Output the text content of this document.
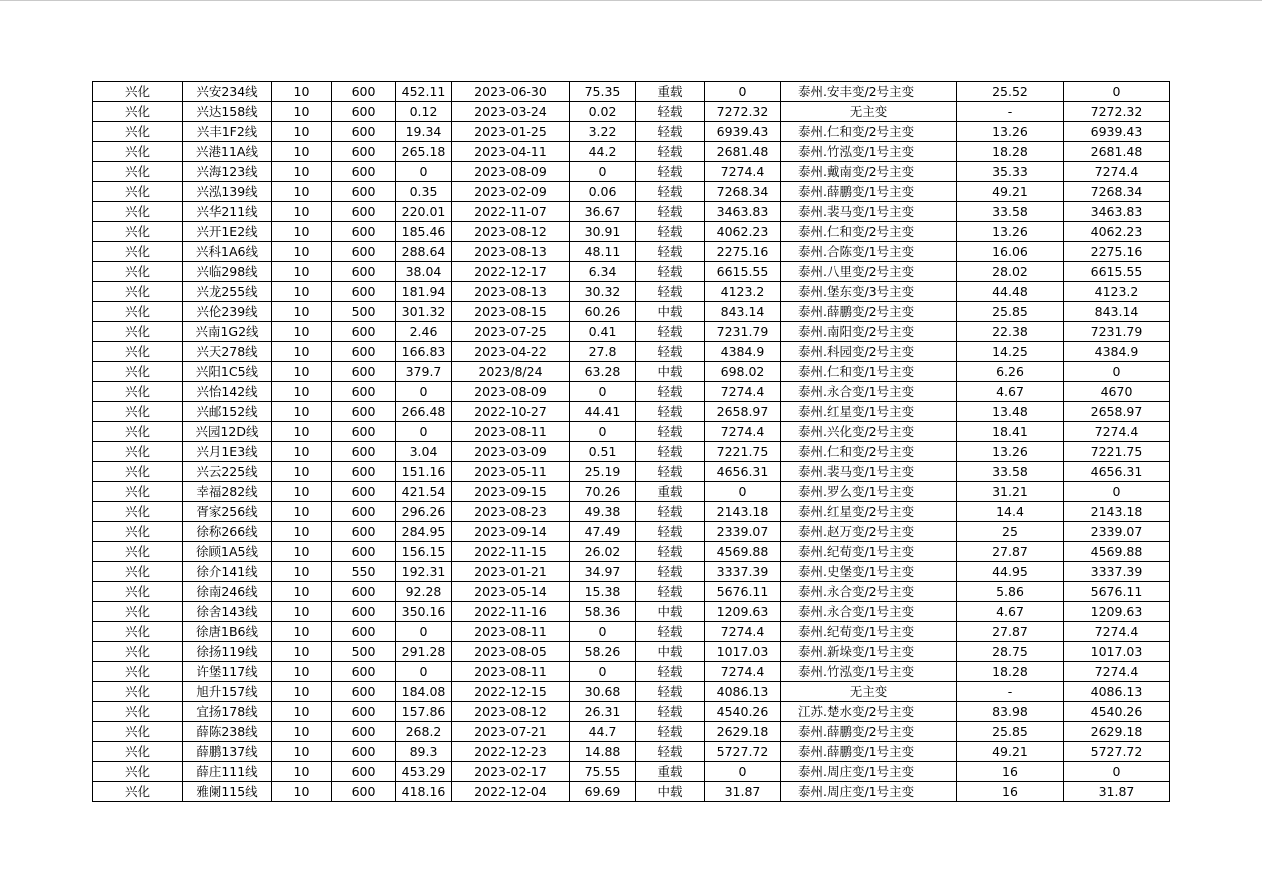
兴化	兴安234线	10	600	452.11	2023-06-30	75.35	重载	0	泰州.安丰变/2号主变	25.52	0
兴化	兴达158线	10	600	0.12	2023-03-24	0.02	轻载	7272.32	无主变	-	7272.32
兴化	兴丰1F2线	10	600	19.34	2023-01-25	3.22	轻载	6939.43	泰州.仁和变/2号主变	13.26	6939.43
兴化	兴港11A线	10	600	265.18	2023-04-11	44.2	轻载	2681.48	泰州.竹泓变/1号主变	18.28	2681.48
兴化	兴海123线	10	600	0	2023-08-09	0	轻载	7274.4	泰州.戴南变/2号主变	35.33	7274.4
兴化	兴泓139线	10	600	0.35	2023-02-09	0.06	轻载	7268.34	泰州.薛鹏变/1号主变	49.21	7268.34
兴化	兴华211线	10	600	220.01	2022-11-07	36.67	轻载	3463.83	泰州.裴马变/1号主变	33.58	3463.83
兴化	兴开1E2线	10	600	185.46	2023-08-12	30.91	轻载	4062.23	泰州.仁和变/2号主变	13.26	4062.23
兴化	兴科1A6线	10	600	288.64	2023-08-13	48.11	轻载	2275.16	泰州.合陈变/1号主变	16.06	2275.16
兴化	兴临298线	10	600	38.04	2022-12-17	6.34	轻载	6615.55	泰州.八里变/2号主变	28.02	6615.55
兴化	兴龙255线	10	600	181.94	2023-08-13	30.32	轻载	4123.2	泰州.堡东变/3号主变	44.48	4123.2
兴化	兴伦239线	10	500	301.32	2023-08-15	60.26	中载	843.14	泰州.薛鹏变/2号主变	25.85	843.14
兴化	兴南1G2线	10	600	2.46	2023-07-25	0.41	轻载	7231.79	泰州.南阳变/2号主变	22.38	7231.79
兴化	兴天278线	10	600	166.83	2023-04-22	27.8	轻载	4384.9	泰州.科园变/2号主变	14.25	4384.9
兴化	兴阳1C5线	10	600	379.7	2023/8/24	63.28	中载	698.02	泰州.仁和变/1号主变	6.26	0
兴化	兴怡142线	10	600	0	2023-08-09	0	轻载	7274.4	泰州.永合变/1号主变	4.67	4670
兴化	兴邮152线	10	600	266.48	2022-10-27	44.41	轻载	2658.97	泰州.红星变/1号主变	13.48	2658.97
兴化	兴园12D线	10	600	0	2023-08-11	0	轻载	7274.4	泰州.兴化变/2号主变	18.41	7274.4
兴化	兴月1E3线	10	600	3.04	2023-03-09	0.51	轻载	7221.75	泰州.仁和变/2号主变	13.26	7221.75
兴化	兴云225线	10	600	151.16	2023-05-11	25.19	轻载	4656.31	泰州.裴马变/1号主变	33.58	4656.31
兴化	幸福282线	10	600	421.54	2023-09-15	70.26	重载	0	泰州.罗么变/1号主变	31.21	0
兴化	胥家256线	10	600	296.26	2023-08-23	49.38	轻载	2143.18	泰州.红星变/2号主变	14.4	2143.18
兴化	徐称266线	10	600	284.95	2023-09-14	47.49	轻载	2339.07	泰州.赵万变/2号主变	25	2339.07
兴化	徐顾1A5线	10	600	156.15	2022-11-15	26.02	轻载	4569.88	泰州.纪荀变/1号主变	27.87	4569.88
兴化	徐介141线	10	550	192.31	2023-01-21	34.97	轻载	3337.39	泰州.史堡变/1号主变	44.95	3337.39
兴化	徐南246线	10	600	92.28	2023-05-14	15.38	轻载	5676.11	泰州.永合变/2号主变	5.86	5676.11
兴化	徐舍143线	10	600	350.16	2022-11-16	58.36	中载	1209.63	泰州.永合变/1号主变	4.67	1209.63
兴化	徐唐1B6线	10	600	0	2023-08-11	0	轻载	7274.4	泰州.纪荀变/1号主变	27.87	7274.4
兴化	徐扬119线	10	500	291.28	2023-08-05	58.26	中载	1017.03	泰州.新垛变/1号主变	28.75	1017.03
兴化	许堡117线	10	600	0	2023-08-11	0	轻载	7274.4	泰州.竹泓变/1号主变	18.28	7274.4
兴化	旭升157线	10	600	184.08	2022-12-15	30.68	轻载	4086.13	无主变	-	4086.13
兴化	宜扬178线	10	600	157.86	2023-08-12	26.31	轻载	4540.26	江苏.楚水变/2号主变	83.98	4540.26
兴化	薛陈238线	10	600	268.2	2023-07-21	44.7	轻载	2629.18	泰州.薛鹏变/2号主变	25.85	2629.18
兴化	薛鹏137线	10	600	89.3	2022-12-23	14.88	轻载	5727.72	泰州.薛鹏变/1号主变	49.21	5727.72
兴化	薛庄111线	10	600	453.29	2023-02-17	75.55	重载	0	泰州.周庄变/1号主变	16	0
兴化	雅阑115线	10	600	418.16	2022-12-04	69.69	中载	31.87	泰州.周庄变/1号主变	16	31.87
